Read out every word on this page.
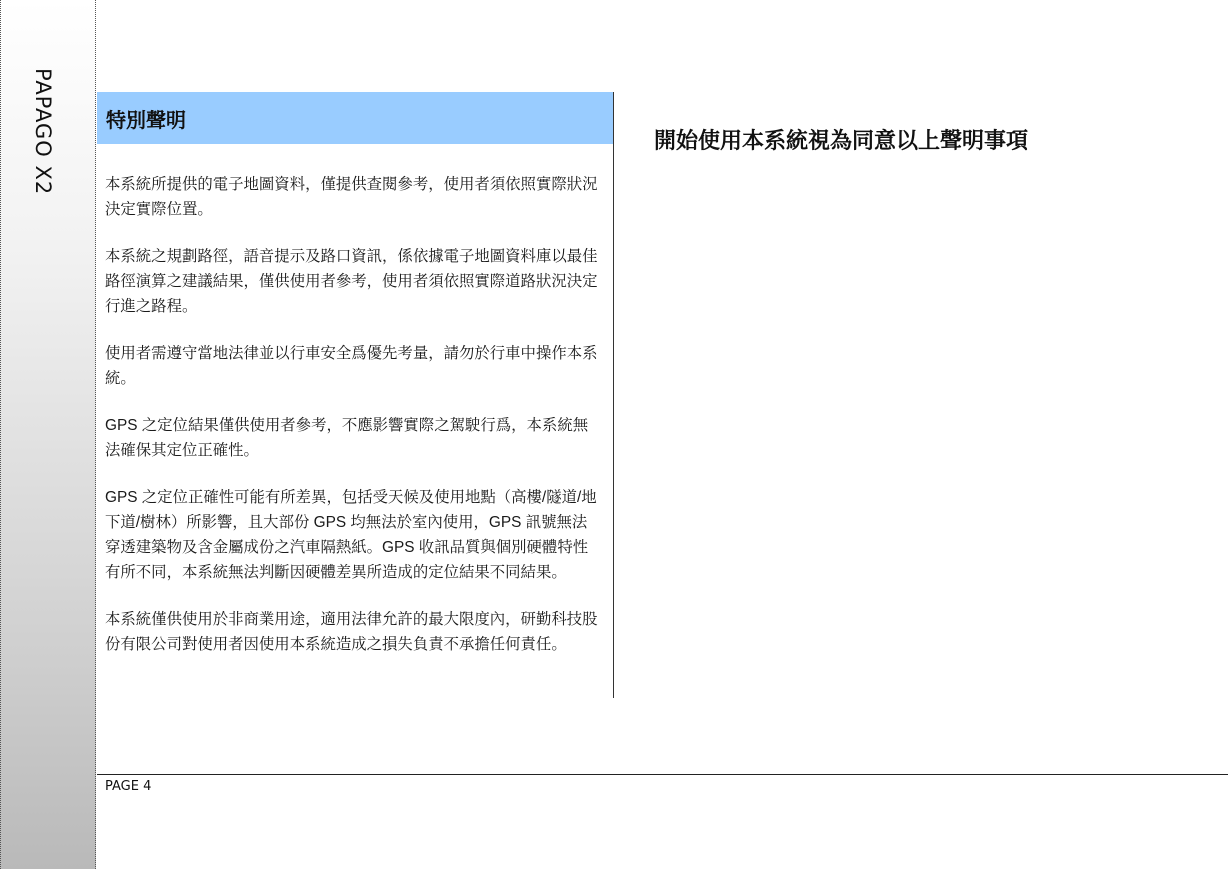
PAPAGO X2	特別聲明

本系統所提供的電子地圖資料，僅提供查閱參考，使用者須依照實際狀況決定實際位置。

本系統之規劃路徑，語音提示及路口資訊，係依據電子地圖資料庫以最佳路徑演算之建議結果，僅供使用者參考，使用者須依照實際道路狀況決定行進之路程。

使用者需遵守當地法律並以行車安全爲優先考量，請勿於行車中操作本系統。

GPS 之定位結果僅供使用者參考，不應影響實際之駕駛行爲，本系統無法確保其定位正確性。

GPS 之定位正確性可能有所差異，包括受天候及使用地點（高樓/隧道/地下道/樹林）所影響，且大部份 GPS 均無法於室內使用，GPS 訊號無法穿透建築物及含金屬成份之汽車隔熱紙。GPS 收訊品質與個別硬體特性有所不同，本系統無法判斷因硬體差異所造成的定位結果不同結果。

本系統僅供使用於非商業用途，適用法律允許的最大限度內，研勤科技股份有限公司對使用者因使用本系統造成之損失負責不承擔任何責任。

開始使用本系統視為同意以上聲明事項
PAGE 4
